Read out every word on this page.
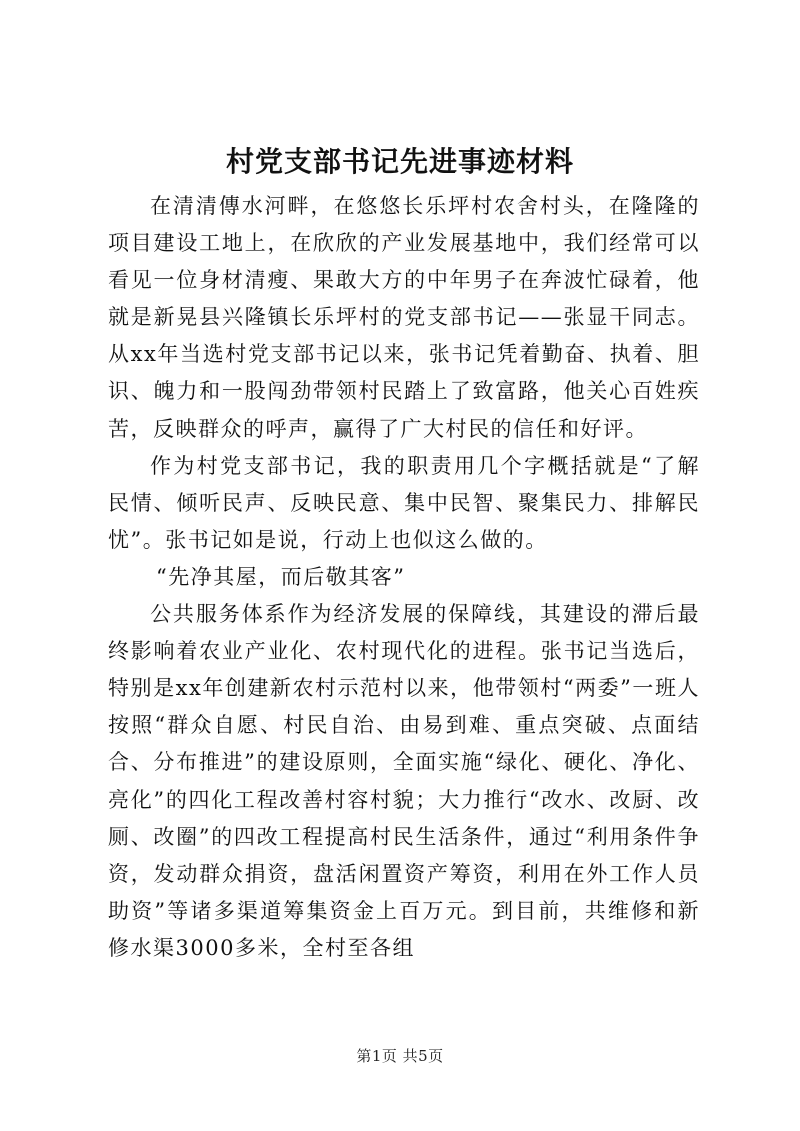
村党支部书记先进事迹材料

在清清傳水河畔，在悠悠长乐坪村农舍村头，在隆隆的项目建设工地上，在欣欣的产业发展基地中，我们经常可以看见一位身材清瘦、果敢大方的中年男子在奔波忙碌着，他就是新晃县兴隆镇长乐坪村的党支部书记——张显干同志。从xx年当选村党支部书记以来，张书记凭着勤奋、执着、胆识、魄力和一股闯劲带领村民踏上了致富路，他关心百姓疾苦，反映群众的呼声，赢得了广大村民的信任和好评。

作为村党支部书记，我的职责用几个字概括就是“了解民情、倾听民声、反映民意、集中民智、聚集民力、排解民忧”。张书记如是说，行动上也似这么做的。

“先净其屋，而后敬其客”

公共服务体系作为经济发展的保障线，其建设的滞后最终影响着农业产业化、农村现代化的进程。张书记当选后，特别是xx年创建新农村示范村以来，他带领村“两委”一班人按照“群众自愿、村民自治、由易到难、重点突破、点面结合、分布推进”的建设原则，全面实施“绿化、硬化、净化、亮化”的四化工程改善村容村貌；大力推行“改水、改厨、改厕、改圈”的四改工程提高村民生活条件，通过“利用条件争资，发动群众捐资，盘活闲置资产筹资，利用在外工作人员助资”等诸多渠道筹集资金上百万元。到目前，共维修和新修水渠3000多米，全村至各组

第1页 共5页
